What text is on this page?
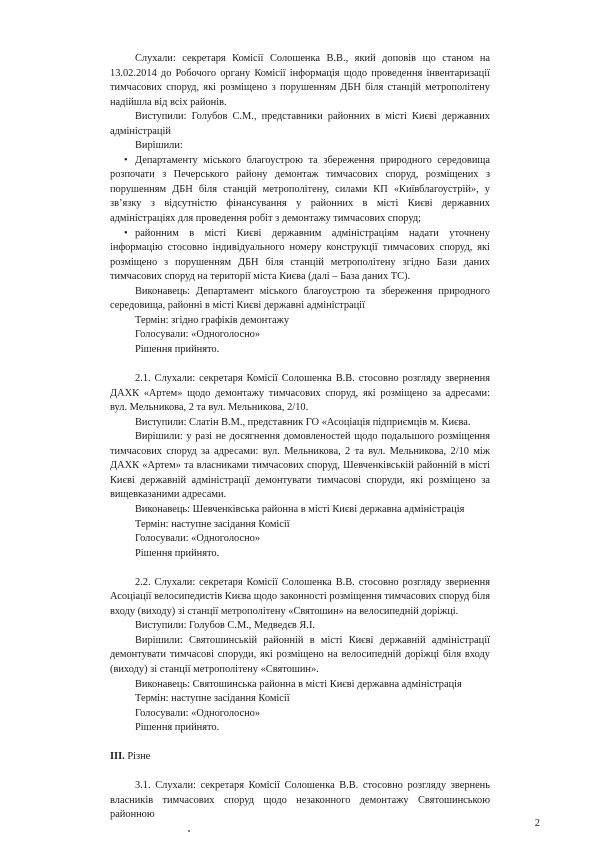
Слухали: секретаря Комісії Солошенка В.В., який доповів що станом на 13.02.2014 до Робочого органу Комісії інформація щодо проведення інвентаризації тимчасових споруд, які розміщено з порушенням ДБН біля станцій метрополітену надійшла від всіх районів.

Виступили: Голубов С.М., представники районних в місті Києві державних адміністрацій

Вирішили:

• Департаменту міського благоустрою та збереження природного середовища розпочати з Печерського району демонтаж тимчасових споруд, розміщених з порушенням ДБН біля станцій метрополітену, силами КП «Київблагоустрій», у зв’язку з відсутністю фінансування у районних в місті Києві державних адміністраціях для проведення робіт з демонтажу тимчасових споруд;

• районним в місті Києві державним адміністраціям надати уточнену інформацію стосовно індивідуального номеру конструкції тимчасових споруд, які розміщено з порушенням ДБН біля станцій метрополітену згідно Бази даних тимчасових споруд на території міста Києва (далі – База даних ТС).

Виконавець: Департамент міського благоустрою та збереження природного середовища, районні в місті Києві державні адміністрації

Термін: згідно графіків демонтажу

Голосували: «Одноголосно»

Рішення прийнято.

2.1. Слухали: секретаря Комісії Солошенка В.В. стосовно розгляду звернення ДАХК «Артем» щодо демонтажу тимчасових споруд, які розміщено за адресами: вул. Мельникова, 2 та вул. Мельникова, 2/10.

Виступили: Слатін В.М., представник ГО «Асоціація підприємців м. Києва.

Вирішили: у разі не досягнення домовленостей щодо подальшого розміщення тимчасових споруд за адресами: вул. Мельникова, 2 та вул. Мельникова, 2/10 між ДАХК «Артем» та власниками тимчасових споруд, Шевченківській районній в місті Києві державній адміністрації демонтувати тимчасові споруди, які розміщено за вищевказаними адресами.

Виконавець: Шевченківська районна в місті Києві державна адміністрація

Термін: наступне засідання Комісії

Голосували: «Одноголосно»

Рішення прийнято.

2.2. Слухали: секретаря Комісії Солошенка В.В. стосовно розгляду звернення Асоціації велосипедистів Києва щодо законності розміщення тимчасових споруд біля входу (виходу) зі станції метрополітену «Святошин» на велосипедній доріжці.

Виступили: Голубов С.М., Медведєв Я.І.

Вирішили: Святошинській районній в місті Києві державній адміністрації демонтувати тимчасові споруди, які розміщено на велосипедній доріжці біля входу (виходу) зі станції метрополітену «Святошин».

Виконавець: Святошинська районна в місті Києві державна адміністрація

Термін: наступне засідання Комісії

Голосували: «Одноголосно»

Рішення прийнято.

III. Різне

3.1. Слухали: секретаря Комісії Солошенка В.В. стосовно розгляду звернень власників тимчасових споруд щодо незаконного демонтажу Святошинською районною

2
